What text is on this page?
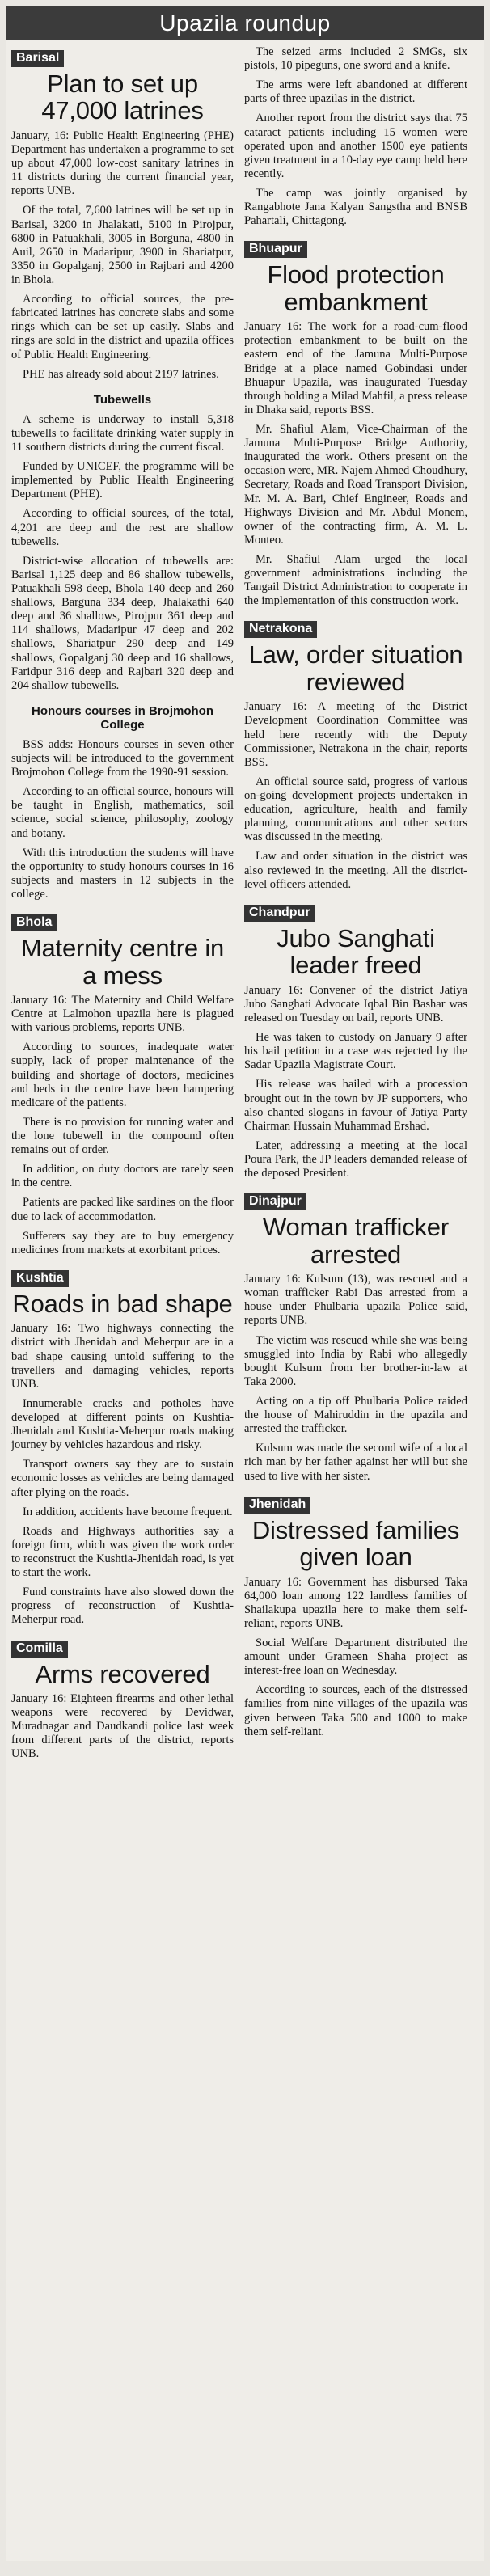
Upazila roundup
Barisal
Plan to set up 47,000 latrines
January, 16: Public Health Engineering (PHE) Department has undertaken a programme to set up about 47,000 low-cost sanitary latrines in 11 districts during the current financial year, reports UNB.
Of the total, 7,600 latrines will be set up in Barisal, 3200 in Jhalakati, 5100 in Pirojpur, 6800 in Patuakhali, 3005 in Borguna, 4800 in Auil, 2650 in Madaripur, 3900 in Shariatpur, 3350 in Gopalganj, 2500 in Rajbari and 4200 in Bhola.
According to official sources, the pre-fabricated latrines has concrete slabs and some rings which can be set up easily. Slabs and rings are sold in the district and upazila offices of Public Health Engineering.
PHE has already sold about 2197 latrines.
Tubewells
A scheme is underway to install 5,318 tubewells to facilitate drinking water supply in 11 southern districts during the current fiscal.
Funded by UNICEF, the programme will be implemented by Public Health Engineering Department (PHE).
According to official sources, of the total, 4,201 are deep and the rest are shallow tubewells.
District-wise allocation of tubewells are: Barisal 1,125 deep and 86 shallow tubewells, Patuakhali 598 deep, Bhola 140 deep and 260 shallows, Barguna 334 deep, Jhalakathi 640 deep and 36 shallows, Pirojpur 361 deep and 114 shallows, Madaripur 47 deep and 202 shallows, Shariatpur 290 deep and 149 shallows, Gopalganj 30 deep and 16 shallows, Faridpur 316 deep and Rajbari 320 deep and 204 shallow tubewells.
Honours courses in Brojmohon College
BSS adds: Honours courses in seven other subjects will be introduced to the government Brojmohon College from the 1990-91 session.
According to an official source, honours will be taught in English, mathematics, soil science, social science, philosophy, zoology and botany.
With this introduction the students will have the opportunity to study honours courses in 16 subjects and masters in 12 subjects in the college.
Bhola
Maternity centre in a mess
January 16: The Maternity and Child Welfare Centre at Lalmohon upazila here is plagued with various problems, reports UNB.
According to sources, inadequate water supply, lack of proper maintenance of the building and shortage of doctors, medicines and beds in the centre have been hampering medicare of the patients.
There is no provision for running water and the lone tubewell in the compound often remains out of order.
In addition, on duty doctors are rarely seen in the centre.
Patients are packed like sardines on the floor due to lack of accommodation.
Sufferers say they are to buy emergency medicines from markets at exorbitant prices.
Kushtia
Roads in bad shape
January 16: Two highways connecting the district with Jhenidah and Meherpur are in a bad shape causing untold suffering to the travellers and damaging vehicles, reports UNB.
Innumerable cracks and potholes have developed at different points on Kushtia-Jhenidah and Kushtia-Meherpur roads making journey by vehicles hazardous and risky.
Transport owners say they are to sustain economic losses as vehicles are being damaged after plying on the roads.
In addition, accidents have become frequent.
Roads and Highways authorities say a foreign firm, which was given the work order to reconstruct the Kushtia-Jhenidah road, is yet to start the work.
Fund constraints have also slowed down the progress of reconstruction of Kushtia-Meherpur road.
Comilla
Arms recovered
January 16: Eighteen firearms and other lethal weapons were recovered by Devidwar, Muradnagar and Daudkandi police last week from different parts of the district, reports UNB.
The seized arms included 2 SMGs, six pistols, 10 pipeguns, one sword and a knife.
The arms were left abandoned at different parts of three upazilas in the district.
Another report from the district says that 75 cataract patients including 15 women were operated upon and another 1500 eye patients given treatment in a 10-day eye camp held here recently.
The camp was jointly organised by Rangabhote Jana Kalyan Sangstha and BNSB Pahartali, Chittagong.
Bhuapur
Flood protection embankment
January 16: The work for a road-cum-flood protection embankment to be built on the eastern end of the Jamuna Multi-Purpose Bridge at a place named Gobindasi under Bhuapur Upazila, was inaugurated Tuesday through holding a Milad Mahfil, a press release in Dhaka said, reports BSS.
Mr. Shafiul Alam, Vice-Chairman of the Jamuna Multi-Purpose Bridge Authority, inaugurated the work. Others present on the occasion were, MR. Najem Ahmed Choudhury, Secretary, Roads and Road Transport Division, Mr. M. A. Bari, Chief Engineer, Roads and Highways Division and Mr. Abdul Monem, owner of the contracting firm, A. M. L. Monteo.
Mr. Shafiul Alam urged the local government administrations including the Tangail District Administration to cooperate in the implementation of this construction work.
Netrakona
Law, order situation reviewed
January 16: A meeting of the District Development Coordination Committee was held here recently with the Deputy Commissioner, Netrakona in the chair, reports BSS.
An official source said, progress of various on-going development projects undertaken in education, agriculture, health and family planning, communications and other sectors was discussed in the meeting.
Law and order situation in the district was also reviewed in the meeting. All the district-level officers attended.
Chandpur
Jubo Sanghati leader freed
January 16: Convener of the district Jatiya Jubo Sanghati Advocate Iqbal Bin Bashar was released on Tuesday on bail, reports UNB.
He was taken to custody on January 9 after his bail petition in a case was rejected by the Sadar Upazila Magistrate Court.
His release was hailed with a procession brought out in the town by JP supporters, who also chanted slogans in favour of Jatiya Party Chairman Hussain Muhammad Ershad.
Later, addressing a meeting at the local Poura Park, the JP leaders demanded release of the deposed President.
Dinajpur
Woman trafficker arrested
January 16: Kulsum (13), was rescued and a woman trafficker Rabi Das arrested from a house under Phulbaria upazila Police said, reports UNB.
The victim was rescued while she was being smuggled into India by Rabi who allegedly bought Kulsum from her brother-in-law at Taka 2000.
Acting on a tip off Phulbaria Police raided the house of Mahiruddin in the upazila and arrested the trafficker.
Kulsum was made the second wife of a local rich man by her father against her will but she used to live with her sister.
Jhenidah
Distressed families given loan
January 16: Government has disbursed Taka 64,000 loan among 122 landless families of Shailakupa upazila here to make them self-reliant, reports UNB.
Social Welfare Department distributed the amount under Grameen Shaha project as interest-free loan on Wednesday.
According to sources, each of the distressed families from nine villages of the upazila was given between Taka 500 and 1000 to make them self-reliant.
